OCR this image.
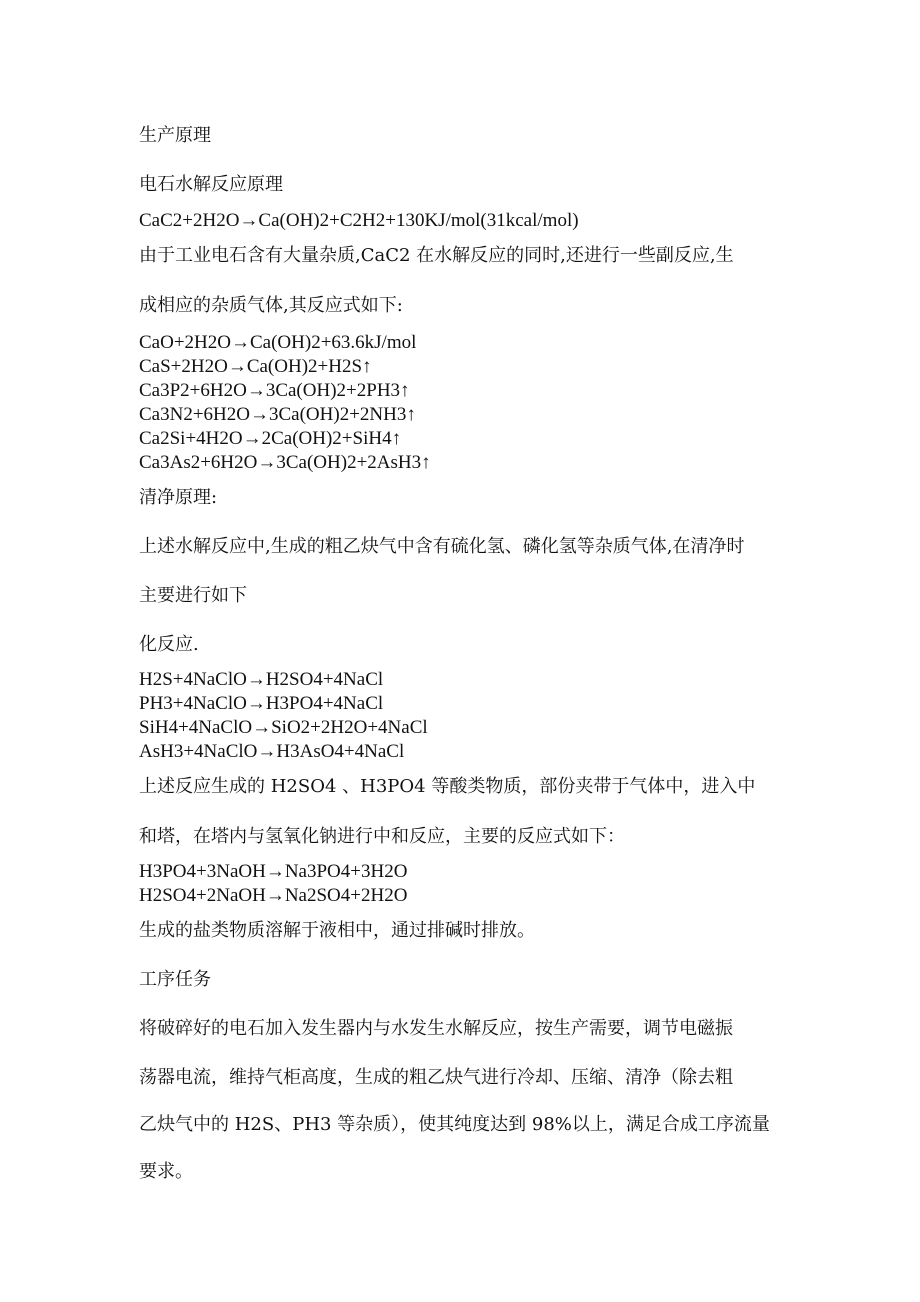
生产原理
电石水解反应原理
CaC2+2H2O→Ca(OH)2+C2H2+130KJ/mol(31kcal/mol)
由于工业电石含有大量杂质,CaC2 在水解反应的同时,还进行一些副反应,生
成相应的杂质气体,其反应式如下:
CaO+2H2O→Ca(OH)2+63.6kJ/mol
CaS+2H2O→Ca(OH)2+H2S↑
Ca3P2+6H2O→3Ca(OH)2+2PH3↑
Ca3N2+6H2O→3Ca(OH)2+2NH3↑
Ca2Si+4H2O→2Ca(OH)2+SiH4↑
Ca3As2+6H2O→3Ca(OH)2+2AsH3↑
清净原理:
上述水解反应中,生成的粗乙炔气中含有硫化氢、磷化氢等杂质气体,在清净时
主要进行如下
化反应.
H2S+4NaClO→H2SO4+4NaCl
PH3+4NaClO→H3PO4+4NaCl
SiH4+4NaClO→SiO2+2H2O+4NaCl
AsH3+4NaClO→H3AsO4+4NaCl
上述反应生成的 H2SO4 、H3PO4 等酸类物质，部份夹带于气体中，进入中
和塔，在塔内与氢氧化钠进行中和反应，主要的反应式如下：
H3PO4+3NaOH→Na3PO4+3H2O
H2SO4+2NaOH→Na2SO4+2H2O
生成的盐类物质溶解于液相中，通过排碱时排放。
工序任务
将破碎好的电石加入发生器内与水发生水解反应，按生产需要，调节电磁振
荡器电流，维持气柜高度，生成的粗乙炔气进行冷却、压缩、清净（除去粗
乙炔气中的 H2S、PH3 等杂质），使其纯度达到 98%以上，满足合成工序流量
要求。
